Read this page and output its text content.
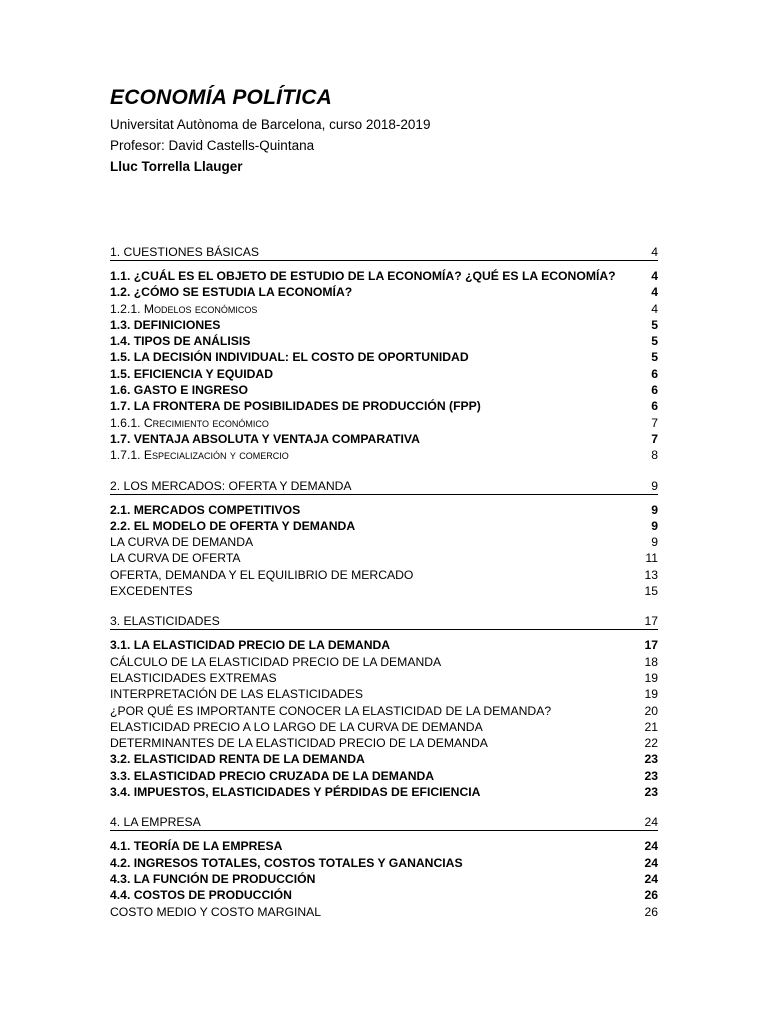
ECONOMÍA POLÍTICA
Universitat Autònoma de Barcelona, curso 2018-2019
Profesor: David Castells-Quintana
Lluc Torrella Llauger
1. CUESTIONES BÁSICAS	4
1.1. ¿CUÁL ES EL OBJETO DE ESTUDIO DE LA ECONOMÍA? ¿QUÉ ES LA ECONOMÍA?	4
1.2. ¿CÓMO SE ESTUDIA LA ECONOMÍA?	4
1.2.1. Modelos económicos	4
1.3. DEFINICIONES	5
1.4. TIPOS DE ANÁLISIS	5
1.5. LA DECISIÓN INDIVIDUAL: EL COSTO DE OPORTUNIDAD	5
1.5. EFICIENCIA Y EQUIDAD	6
1.6. GASTO E INGRESO	6
1.7. LA FRONTERA DE POSIBILIDADES DE PRODUCCIÓN (FPP)	6
1.6.1. Crecimiento económico	7
1.7. VENTAJA ABSOLUTA Y VENTAJA COMPARATIVA	7
1.7.1. Especialización y comercio	8
2. LOS MERCADOS: OFERTA Y DEMANDA	9
2.1. MERCADOS COMPETITIVOS	9
2.2. EL MODELO DE OFERTA Y DEMANDA	9
LA CURVA DE DEMANDA	9
LA CURVA DE OFERTA	11
OFERTA, DEMANDA Y EL EQUILIBRIO DE MERCADO	13
EXCEDENTES	15
3. ELASTICIDADES	17
3.1. LA ELASTICIDAD PRECIO DE LA DEMANDA	17
CÁLCULO DE LA ELASTICIDAD PRECIO DE LA DEMANDA	18
ELASTICIDADES EXTREMAS	19
INTERPRETACIÓN DE LAS ELASTICIDADES	19
¿POR QUÉ ES IMPORTANTE CONOCER LA ELASTICIDAD DE LA DEMANDA?	20
ELASTICIDAD PRECIO A LO LARGO DE LA CURVA DE DEMANDA	21
DETERMINANTES DE LA ELASTICIDAD PRECIO DE LA DEMANDA	22
3.2. ELASTICIDAD RENTA DE LA DEMANDA	23
3.3. ELASTICIDAD PRECIO CRUZADA DE LA DEMANDA	23
3.4. IMPUESTOS, ELASTICIDADES Y PÉRDIDAS DE EFICIENCIA	23
4. LA EMPRESA	24
4.1. TEORÍA DE LA EMPRESA	24
4.2. INGRESOS TOTALES, COSTOS TOTALES Y GANANCIAS	24
4.3. LA FUNCIÓN DE PRODUCCIÓN	24
4.4. COSTOS DE PRODUCCIÓN	26
COSTO MEDIO Y COSTO MARGINAL	26
